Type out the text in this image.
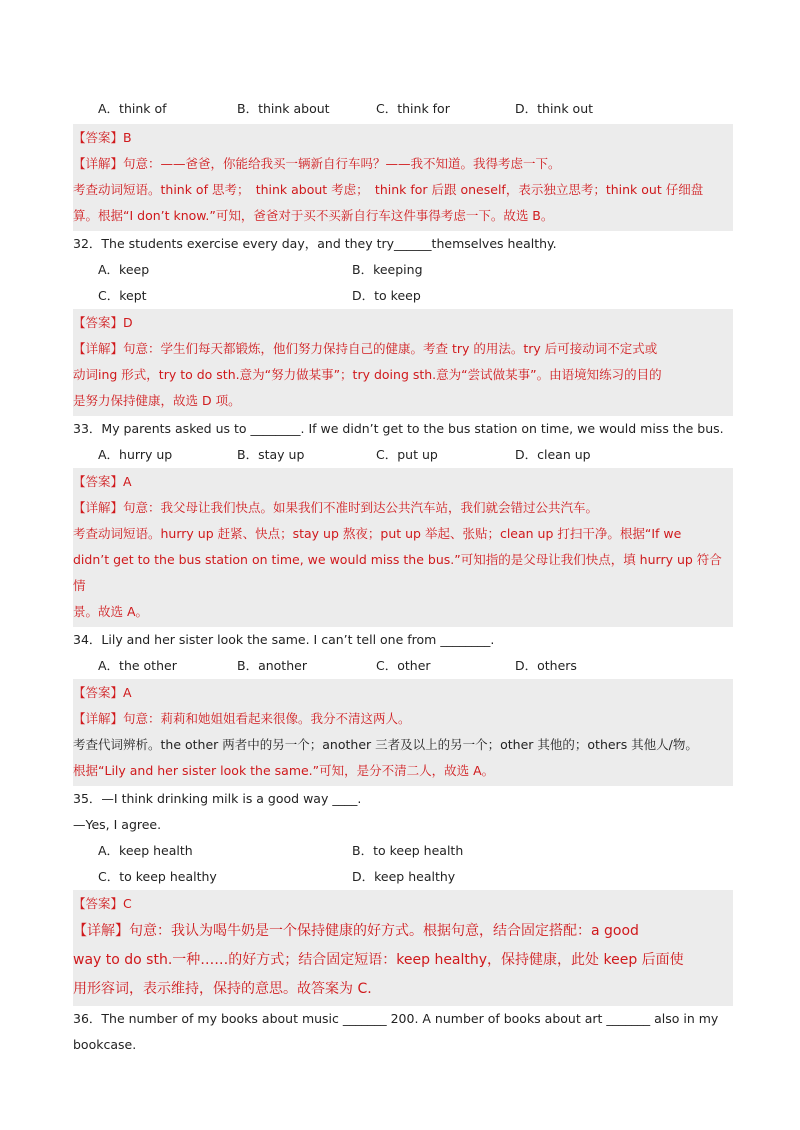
A．think of	B．think about	C．think for	D．think out

【答案】B

【详解】句意：——爸爸，你能给我买一辆新自行车吗？——我不知道。我得考虑一下。

考查动词短语。think of 思考；　think about 考虑；　think for 后跟 oneself，表示独立思考；think out 仔细盘

算。根据“I don’t know.”可知，爸爸对于买不买新自行车这件事得考虑一下。故选 B。

32．The students exercise every day，and they try______themselves healthy.
A．keep	B．keeping
C．kept	D．to keep

【答案】D

【详解】句意：学生们每天都锻炼，他们努力保持自己的健康。考查 try 的用法。try 后可接动词不定式或

动词ing 形式，try to do sth.意为“努力做某事”；try doing sth.意为“尝试做某事”。由语境知练习的目的

是努力保持健康，故选 D 项。

33．My parents asked us to ________. If we didn’t get to the bus station on time, we would miss the bus.
A．hurry up	B．stay up	C．put up	D．clean up

【答案】A

【详解】句意：我父母让我们快点。如果我们不准时到达公共汽车站，我们就会错过公共汽车。

考查动词短语。hurry up 赶紧、快点；stay up 熬夜；put up 举起、张贴；clean up 打扫干净。根据“If we

didn’t get to the bus station on time, we would miss the bus.”可知指的是父母让我们快点，填 hurry up 符合情

景。故选 A。

34．Lily and her sister look the same. I can’t tell one from ________.
A．the other	B．another	C．other	D．others

【答案】A

【详解】句意：莉莉和她姐姐看起来很像。我分不清这两人。

考查代词辨析。the other 两者中的另一个；another 三者及以上的另一个；other 其他的；others 其他人/物。

根据“Lily and her sister look the same.”可知，是分不清二人，故选 A。

35．—I think drinking milk is a good way ____.
—Yes, I agree.
A．keep health	B．to keep health
C．to keep healthy	D．keep healthy

【答案】C

【详解】句意：我认为喝牛奶是一个保持健康的好方式。根据句意，结合固定搭配：a good

way to do sth.一种……的好方式；结合固定短语：keep healthy，保持健康，此处 keep 后面使

用形容词，表示维持，保持的意思。故答案为 C.

36．The number of my books about music _______ 200. A number of books about art _______ also in my
bookcase.
